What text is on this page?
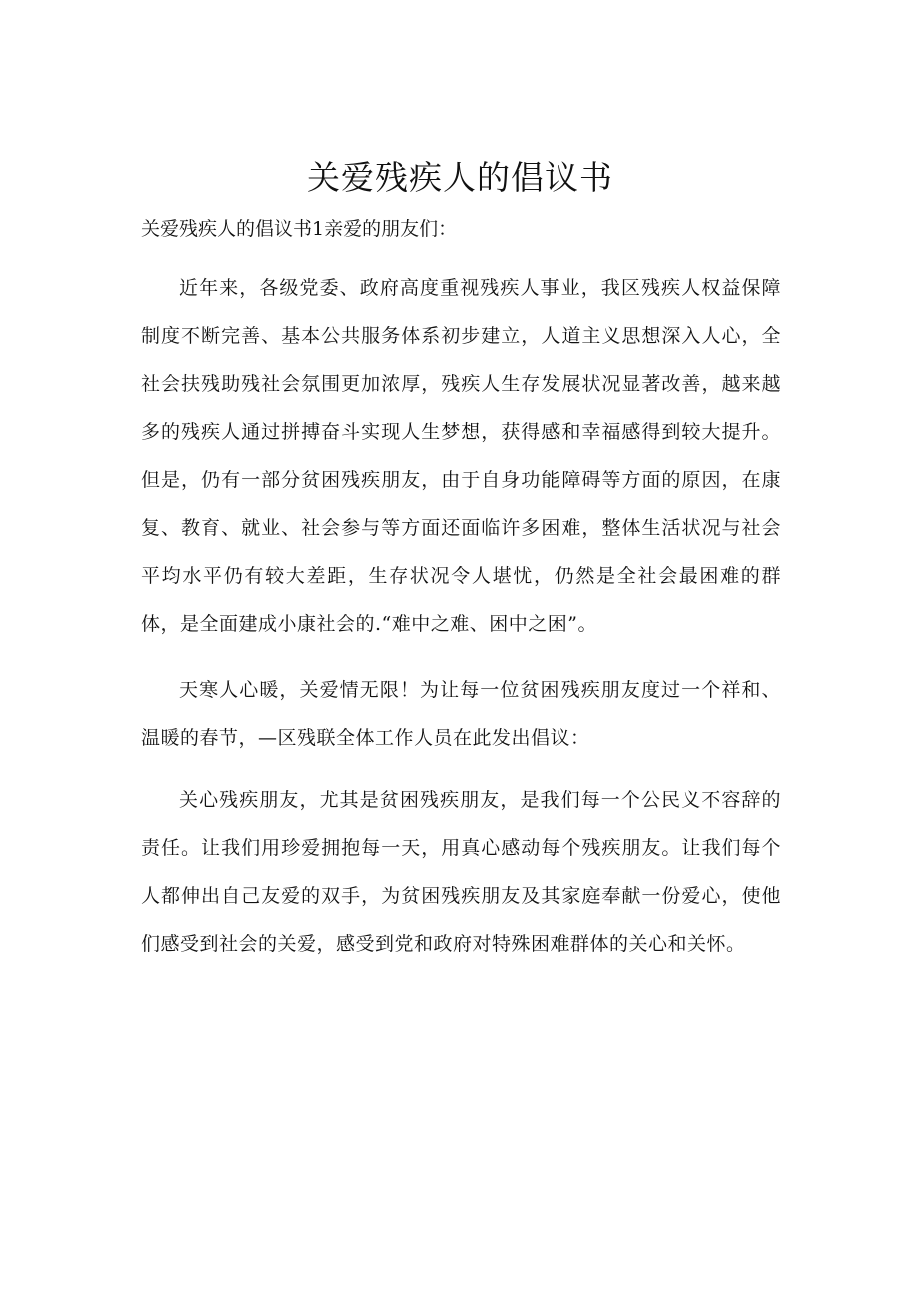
关爱残疾人的倡议书

关爱残疾人的倡议书1亲爱的朋友们：

近年来，各级党委、政府高度重视残疾人事业，我区残疾人权益保障制度不断完善、基本公共服务体系初步建立，人道主义思想深入人心，全社会扶残助残社会氛围更加浓厚，残疾人生存发展状况显著改善，越来越多的残疾人通过拼搏奋斗实现人生梦想，获得感和幸福感得到较大提升。但是，仍有一部分贫困残疾朋友，由于自身功能障碍等方面的原因，在康复、教育、就业、社会参与等方面还面临许多困难，整体生活状况与社会平均水平仍有较大差距，生存状况令人堪忧，仍然是全社会最困难的群体，是全面建成小康社会的.“难中之难、困中之困”。

天寒人心暖，关爱情无限！为让每一位贫困残疾朋友度过一个祥和、温暖的春节，—区残联全体工作人员在此发出倡议：

关心残疾朋友，尤其是贫困残疾朋友，是我们每一个公民义不容辞的责任。让我们用珍爱拥抱每一天，用真心感动每个残疾朋友。让我们每个人都伸出自己友爱的双手，为贫困残疾朋友及其家庭奉献一份爱心，使他们感受到社会的关爱，感受到党和政府对特殊困难群体的关心和关怀。
